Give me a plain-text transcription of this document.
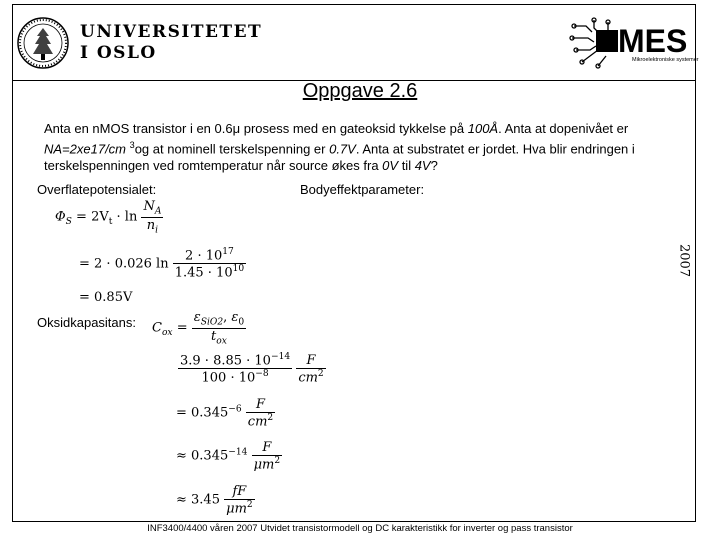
UNIVERSITETET
I OSLO	MES
Mikroelektroniske systemer
Oppgave 2.6
Anta en nMOS transistor i en 0.6μ prosess med en gateoksid tykkelse på 100Å. Anta at dopenivået er NA=2xe17/cm $^3$og at nominell terskelspenning er 0.7V. Anta at substratet er jordet. Hva blir endringen i terskelspenningen ved romtemperatur når source økes fra 0V til 4V?
Overflatepotensialet:	Bodyeffektparameter:
Oksidkapasitans:
2007
$\Phi_S = 2V_t \cdot \ln \frac{N_A}{n_i}$
= 2 · 0.026 $\ln \frac{2 \cdot 10^{17}}{1.45 \cdot 10^{10}}$
= 0.85V
$C_{ox} = \frac{\varepsilon_{SiO2}, \varepsilon_0}{t_{ox}}$
$\frac{3.9 \cdot 8.85 \cdot 10^{-14}}{100 \cdot 10^{-8}}$
$\frac{F}{cm^2}$
= $0.345^{-6} \frac{F}{cm^2}$
≈ $0.345^{-14} \frac{F}{\mu m^2}$
≈ $3.45 \frac{fF}{\mu m^2}$
INF3400/4400 våren 2007 Utvidet transistormodell og DC karakteristikk for inverter og pass transistor
